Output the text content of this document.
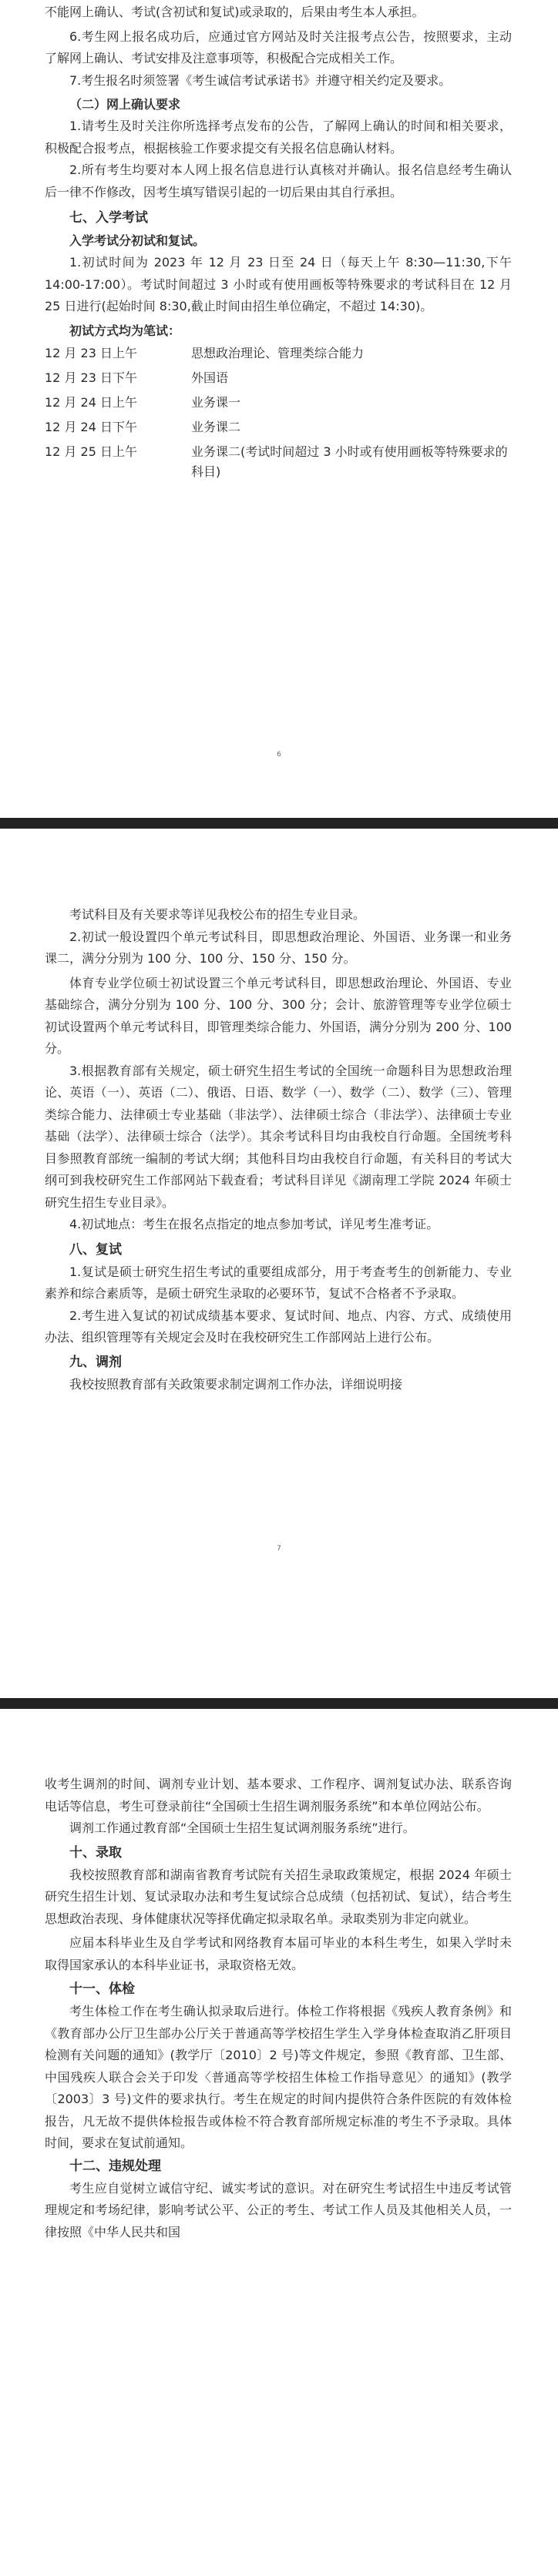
不能网上确认、考试(含初试和复试)或录取的，后果由考生本人承担。

6.考生网上报名成功后，应通过官方网站及时关注报考点公告，按照要求，主动了解网上确认、考试安排及注意事项等，积极配合完成相关工作。

7.考生报名时须签署《考生诚信考试承诺书》并遵守相关约定及要求。

（二）网上确认要求

1.请考生及时关注你所选择考点发布的公告，了解网上确认的时间和相关要求，积极配合报考点，根据核验工作要求提交有关报名信息确认材料。

2.所有考生均要对本人网上报名信息进行认真核对并确认。报名信息经考生确认后一律不作修改，因考生填写错误引起的一切后果由其自行承担。

七、入学考试
入学考试分初试和复试。

1.初试时间为 2023 年 12 月 23 日至 24 日（每天上午 8:30—11:30,下午 14:00-17:00）。考试时间超过 3 小时或有使用画板等特殊要求的考试科目在 12 月 25 日进行(起始时间 8:30,截止时间由招生单位确定，不超过 14:30)。

初试方式均为笔试：
12 月 23 日上午	思想政治理论、管理类综合能力
12 月 23 日下午	外国语
12 月 24 日上午	业务课一
12 月 24 日下午	业务课二
12 月 25 日上午	业务课二(考试时间超过 3 小时或有使用画板等特殊要求的科目)
6

考试科目及有关要求等详见我校公布的招生专业目录。

2.初试一般设置四个单元考试科目，即思想政治理论、外国语、业务课一和业务课二，满分分别为 100 分、100 分、150 分、150 分。

体育专业学位硕士初试设置三个单元考试科目，即思想政治理论、外国语、专业基础综合，满分分别为 100 分、100 分、300 分；会计、旅游管理等专业学位硕士初试设置两个单元考试科目，即管理类综合能力、外国语，满分分别为 200 分、100 分。

3.根据教育部有关规定，硕士研究生招生考试的全国统一命题科目为思想政治理论、英语（一）、英语（二）、俄语、日语、数学（一）、数学（二）、数学（三）、管理类综合能力、法律硕士专业基础（非法学）、法律硕士综合（非法学）、法律硕士专业基础（法学）、法律硕士综合（法学）。其余考试科目均由我校自行命题。全国统考科目参照教育部统一编制的考试大纲；其他科目均由我校自行命题，有关科目的考试大纲可到我校研究生工作部网站下载查看；考试科目详见《湖南理工学院 2024 年硕士研究生招生专业目录》。

4.初试地点：考生在报名点指定的地点参加考试，详见考生准考证。

八、复试

1.复试是硕士研究生招生考试的重要组成部分，用于考查考生的创新能力、专业素养和综合素质等，是硕士研究生录取的必要环节，复试不合格者不予录取。

2.考生进入复试的初试成绩基本要求、复试时间、地点、内容、方式、成绩使用办法、组织管理等有关规定会及时在我校研究生工作部网站上进行公布。

九、调剂

我校按照教育部有关政策要求制定调剂工作办法，详细说明接

7

收考生调剂的时间、调剂专业计划、基本要求、工作程序、调剂复试办法、联系咨询电话等信息，考生可登录前往“全国硕士生招生调剂服务系统”和本单位网站公布。

调剂工作通过教育部“全国硕士生招生复试调剂服务系统”进行。

十、录取

我校按照教育部和湖南省教育考试院有关招生录取政策规定，根据 2024 年硕士研究生招生计划、复试录取办法和考生复试综合总成绩（包括初试、复试），结合考生思想政治表现、身体健康状况等择优确定拟录取名单。录取类别为非定向就业。

应届本科毕业生及自学考试和网络教育本届可毕业的本科生考生，如果入学时未取得国家承认的本科毕业证书，录取资格无效。

十一、体检

考生体检工作在考生确认拟录取后进行。体检工作将根据《残疾人教育条例》和《教育部办公厅卫生部办公厅关于普通高等学校招生学生入学身体检查取消乙肝项目检测有关问题的通知》(教学厅〔2010〕2 号)等文件规定，参照《教育部、卫生部、中国残疾人联合会关于印发〈普通高等学校招生体检工作指导意见〉的通知》(教学〔2003〕3 号)文件的要求执行。考生在规定的时间内提供符合条件医院的有效体检报告，凡无故不提供体检报告或体检不符合教育部所规定标准的考生不予录取。具体时间，要求在复试前通知。

十二、违规处理

考生应自觉树立诚信守纪、诚实考试的意识。对在研究生考试招生中违反考试管理规定和考场纪律，影响考试公平、公正的考生、考试工作人员及其他相关人员，一律按照《中华人民共和国
